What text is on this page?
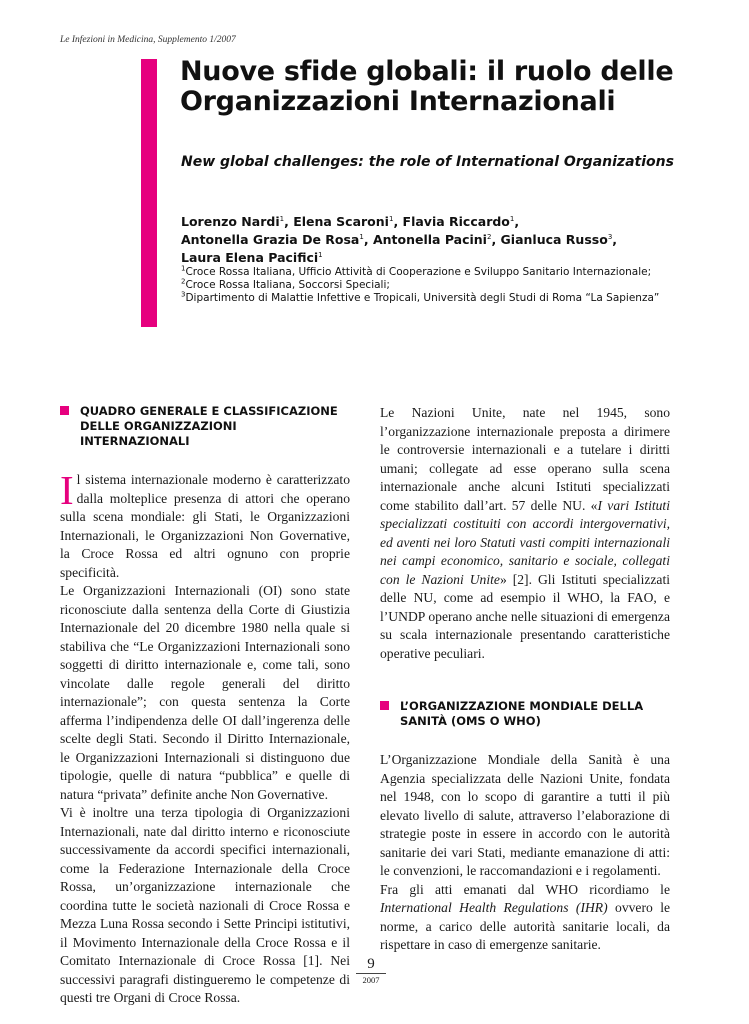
Le Infezioni in Medicina, Supplemento 1/2007
Nuove sfide globali: il ruolo delle Organizzazioni Internazionali
New global challenges: the role of International Organizations

Lorenzo Nardi$^1$, Elena Scaroni$^1$, Flavia Riccardo$^1$,
Antonella Grazia De Rosa$^1$, Antonella Pacini$^2$, Gianluca Russo$^3$,
Laura Elena Pacifici$^1$

$^1$Croce Rossa Italiana, Ufficio Attività di Cooperazione e Sviluppo Sanitario Internazionale;
$^2$Croce Rossa Italiana, Soccorsi Speciali;
$^3$Dipartimento di Malattie Infettive e Tropicali, Università degli Studi di Roma “La Sapienza”
QUADRO GENERALE E CLASSIFICAZIONE DELLE ORGANIZZAZIONI INTERNAZIONALI

Il sistema internazionale moderno è caratterizzato dalla molteplice presenza di attori che operano sulla scena mondiale: gli Stati, le Organizzazioni Internazionali, le Organizzazioni Non Governative, la Croce Rossa ed altri ognuno con proprie specificità.

Le Organizzazioni Internazionali (OI) sono state riconosciute dalla sentenza della Corte di Giustizia Internazionale del 20 dicembre 1980 nella quale si stabiliva che “Le Organizzazioni Internazionali sono soggetti di diritto internazionale e, come tali, sono vincolate dalle regole generali del diritto internazionale”; con questa sentenza la Corte afferma l’indipendenza delle OI dall’ingerenza delle scelte degli Stati. Secondo il Diritto Internazionale, le Organizzazioni Internazionali si distinguono due tipologie, quelle di natura “pubblica” e quelle di natura “privata” definite anche Non Governative.

Vi è inoltre una terza tipologia di Organizzazioni Internazionali, nate dal diritto interno e riconosciute successivamente da accordi specifici internazionali, come la Federazione Internazionale della Croce Rossa, un’organizzazione internazionale che coordina tutte le società nazionali di Croce Rossa e Mezza Luna Rossa secondo i Sette Principi istitutivi, il Movimento Internazionale della Croce Rossa e il Comitato Internazionale di Croce Rossa [1]. Nei successivi paragrafi distingueremo le competenze di questi tre Organi di Croce Rossa.

Le Nazioni Unite, nate nel 1945, sono l’organizzazione internazionale preposta a dirimere le controversie internazionali e a tutelare i diritti umani; collegate ad esse operano sulla scena internazionale anche alcuni Istituti specializzati come stabilito dall’art. 57 delle NU. «I vari Istituti specializzati costituiti con accordi intergovernativi, ed aventi nei loro Statuti vasti compiti internazionali nei campi economico, sanitario e sociale, collegati con le Nazioni Unite» [2]. Gli Istituti specializzati delle NU, come ad esempio il WHO, la FAO, e l’UNDP operano anche nelle situazioni di emergenza su scala internazionale presentando caratteristiche operative peculiari.

L’ORGANIZZAZIONE MONDIALE DELLA SANITÀ (OMS O WHO)

L’Organizzazione Mondiale della Sanità è una Agenzia specializzata delle Nazioni Unite, fondata nel 1948, con lo scopo di garantire a tutti il più elevato livello di salute, attraverso l’elaborazione di strategie poste in essere in accordo con le autorità sanitarie dei vari Stati, mediante emanazione di atti: le convenzioni, le raccomandazioni e i regolamenti.

Fra gli atti emanati dal WHO ricordiamo le International Health Regulations (IHR) ovvero le norme, a carico delle autorità sanitarie locali, da rispettare in caso di emergenze sanitarie.

9
2007
